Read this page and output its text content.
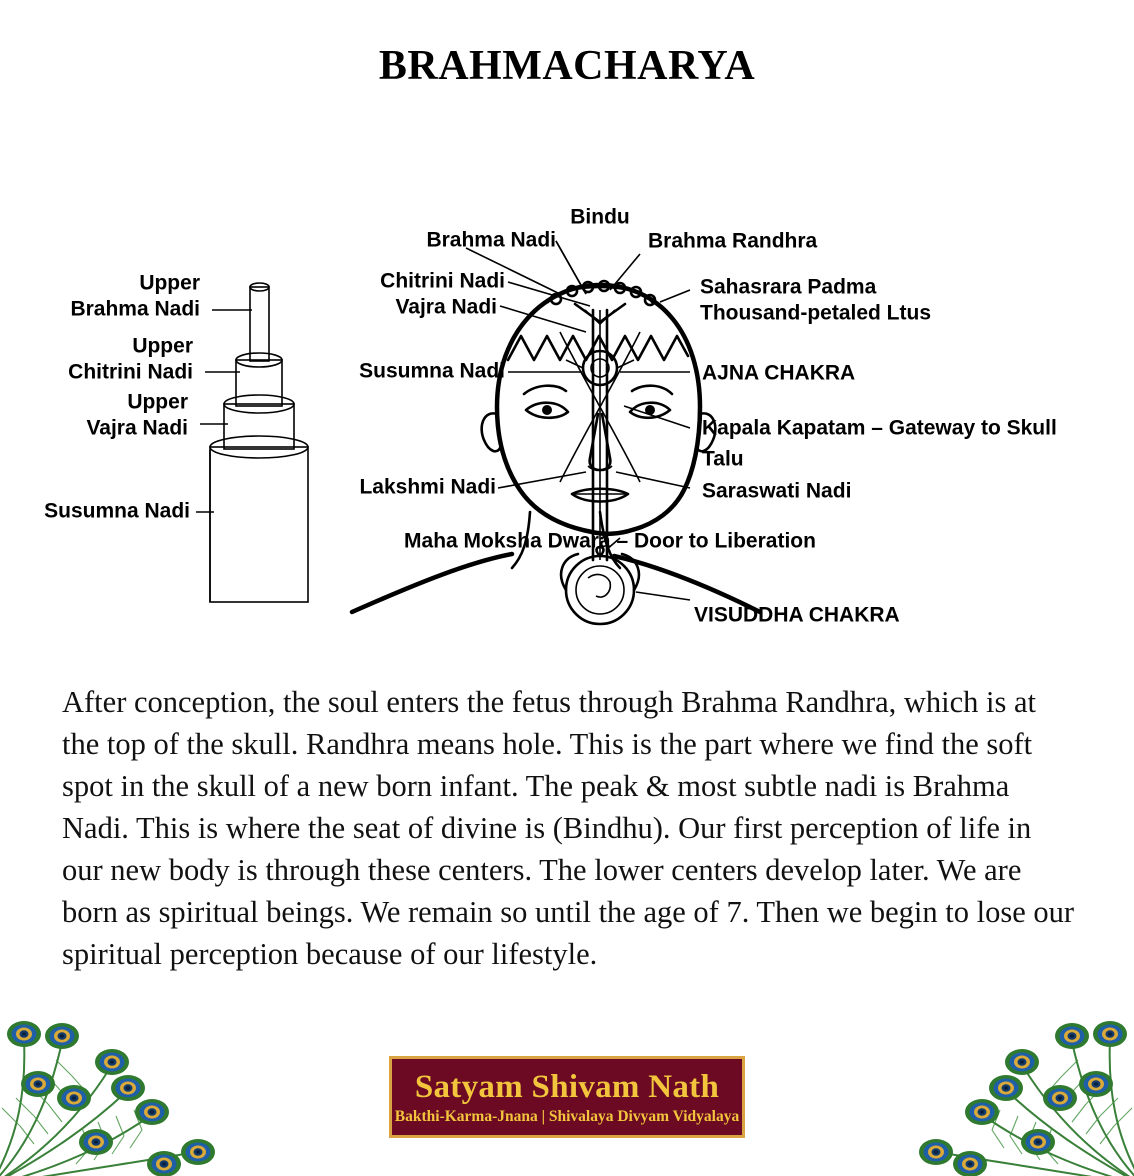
BRAHMACHARYA
Upper
Brahma Nadi
Upper
Chitrini Nadi
Upper
Vajra Nadi
Susumna Nadi
Brahma Nadi
Chitrini Nadi
Vajra Nadi
Susumna Nadi
Lakshmi Nadi
Bindu
Brahma Randhra
Sahasrara Padma
Thousand-petaled Ltus
AJNA CHAKRA
Kapala Kapatam – Gateway to Skull
Talu
Saraswati Nadi
VISUDDHA CHAKRA
Maha Moksha Dwara – Door to Liberation

After conception, the soul enters the fetus through Brahma Randhra, which is at the top of the skull. Randhra means hole. This is the part where we find the soft spot in the skull of a new born infant. The peak & most subtle nadi is Brahma Nadi. This is where the seat of divine is (Bindhu). Our first perception of life in our new body is through these centers. The lower centers develop later. We are born as spiritual beings. We remain so until the age of 7. Then we begin to lose our spiritual perception because of our lifestyle.

Satyam Shivam Nath
Bakthi-Karma-Jnana | Shivalaya Divyam Vidyalaya
